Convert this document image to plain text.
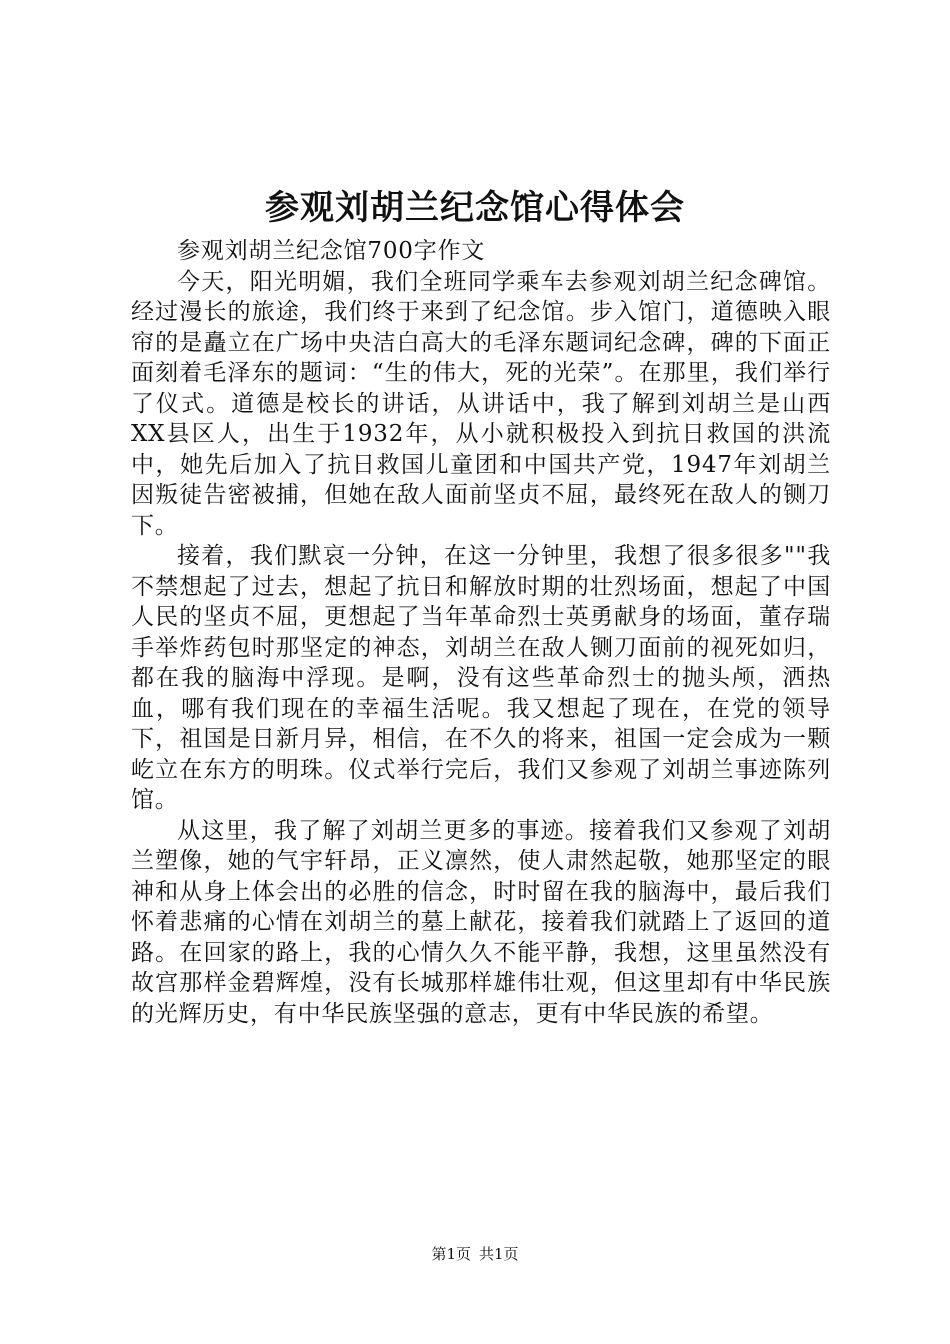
参观刘胡兰纪念馆心得体会

参观刘胡兰纪念馆700字作文

今天，阳光明媚，我们全班同学乘车去参观刘胡兰纪念碑馆。经过漫长的旅途，我们终于来到了纪念馆。步入馆门，道德映入眼帘的是矗立在广场中央洁白高大的毛泽东题词纪念碑，碑的下面正面刻着毛泽东的题词：“生的伟大，死的光荣”。在那里，我们举行了仪式。道德是校长的讲话，从讲话中，我了解到刘胡兰是山西XX县区人，出生于1932年，从小就积极投入到抗日救国的洪流中，她先后加入了抗日救国儿童团和中国共产党，1947年刘胡兰因叛徒告密被捕，但她在敌人面前坚贞不屈，最终死在敌人的铡刀下。

接着，我们默哀一分钟，在这一分钟里，我想了很多很多""我不禁想起了过去，想起了抗日和解放时期的壮烈场面，想起了中国人民的坚贞不屈，更想起了当年革命烈士英勇献身的场面，董存瑞手举炸药包时那坚定的神态，刘胡兰在敌人铡刀面前的视死如归，都在我的脑海中浮现。是啊，没有这些革命烈士的抛头颅，洒热血，哪有我们现在的幸福生活呢。我又想起了现在，在党的领导下，祖国是日新月异，相信，在不久的将来，祖国一定会成为一颗屹立在东方的明珠。仪式举行完后，我们又参观了刘胡兰事迹陈列馆。

从这里，我了解了刘胡兰更多的事迹。接着我们又参观了刘胡兰塑像，她的气宇轩昂，正义凛然，使人肃然起敬，她那坚定的眼神和从身上体会出的必胜的信念，时时留在我的脑海中，最后我们怀着悲痛的心情在刘胡兰的墓上献花，接着我们就踏上了返回的道路。在回家的路上，我的心情久久不能平静，我想，这里虽然没有故宫那样金碧辉煌，没有长城那样雄伟壮观，但这里却有中华民族的光辉历史，有中华民族坚强的意志，更有中华民族的希望。

第1页 共1页
